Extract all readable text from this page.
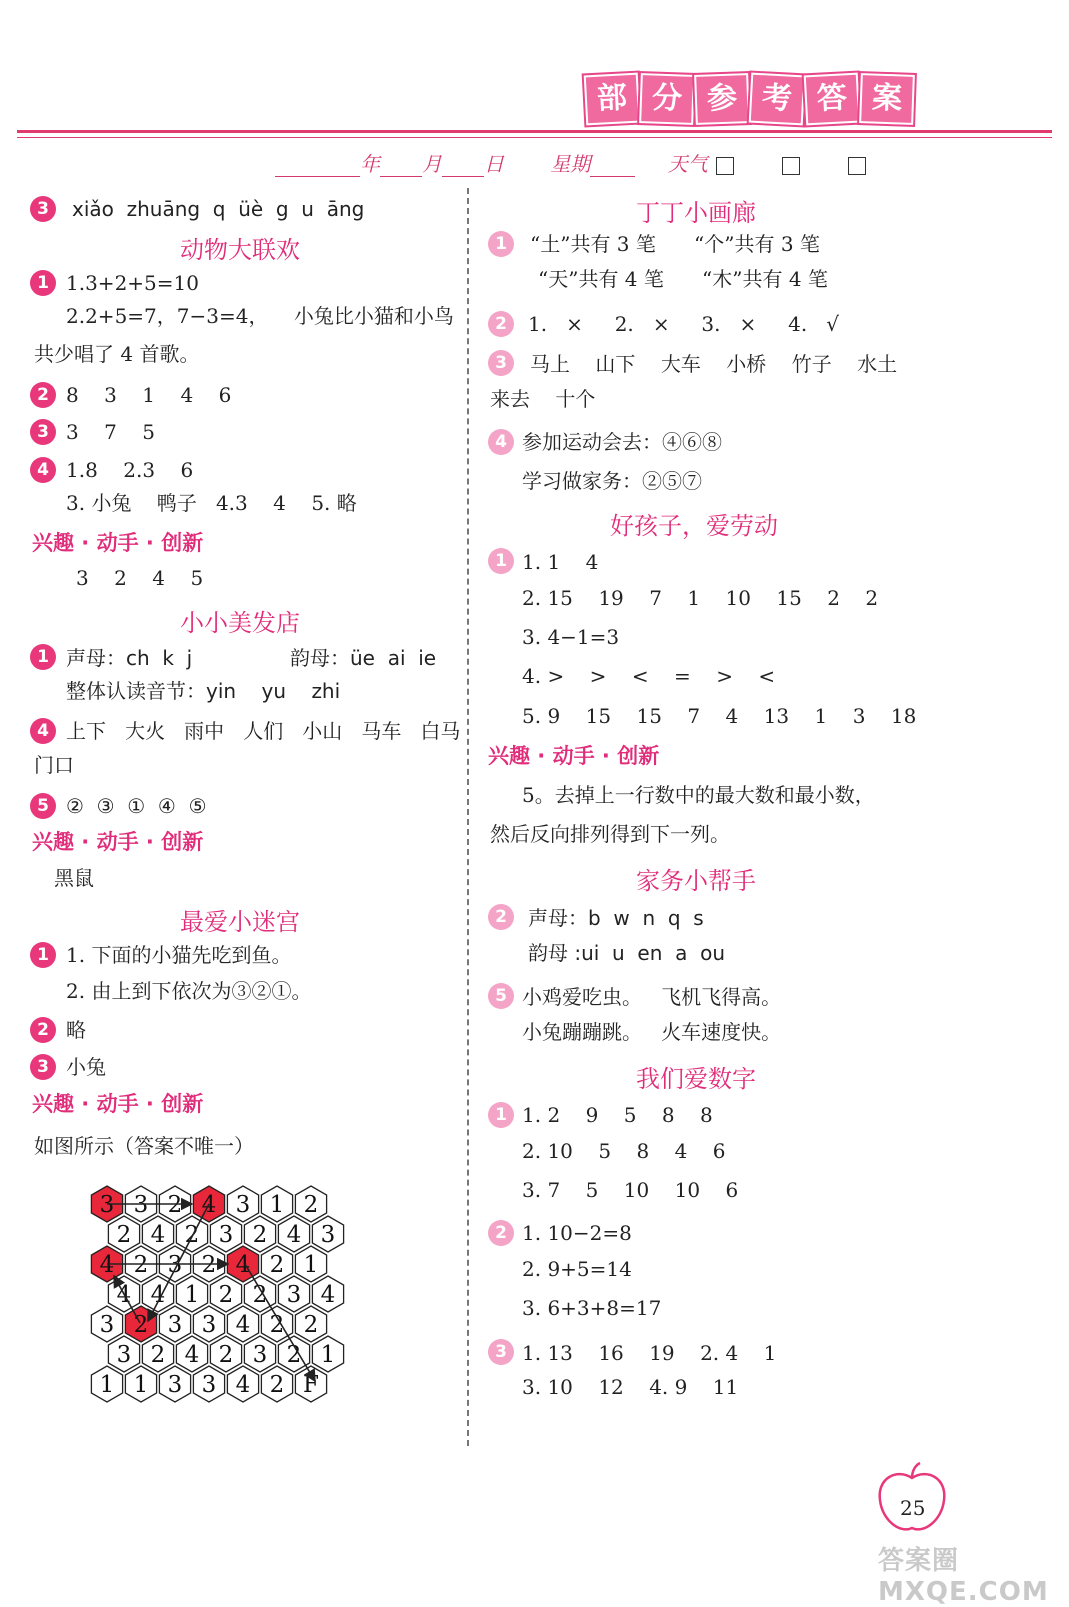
部 分 参 考 答 案
年 月 日 星期	天气
3	xiǎo  zhuāng  q  üè  g  u  āng
动物大联欢
1 1.3+2+5=10
2.2+5=7，7−3=4，    小兔比小猫和小鸟
共少唱了 4 首歌。
2 8    3    1    4    6
3 3    7    5
4 1.8    2.3    6
3. 小兔    鸭子   4.3    4    5. 略
兴趣 · 动手 · 创新
3    2    4    5
小小美发店
1 声母：ch  k  j	韵母：üe  ai  ie
整体认读音节：yin    yu    zhi
4 上下   大火   雨中   人们   小山   马车   白马
门口
5 ②  ③  ①  ④  ⑤
兴趣 · 动手 · 创新
黑鼠
最爱小迷宫
1 1. 下面的小猫先吃到鱼。
2. 由上到下依次为③②①。
2 略
3 小兔
兴趣 · 动手 · 创新
如图所示（答案不唯一）
3 3 2 4 3 1 2
2 4 2 3 2 4 3
4 2 3 2 4 2 1
4 4 1 2 2 3 4
3 2 3 3 4 2 2
3 2 4 2 3 2 1
1 1 3 3 4 2 F
丁丁小画廊
1	“土”共有 3 笔      “个”共有 3 笔
“天”共有 4 笔      “木”共有 4 笔
2	1.   ×     2.   ×     3.   ×     4.   √
3	马上    山下    大车    小桥    竹子    水土
来去    十个
4 参加运动会去：④⑥⑧
学习做家务：②⑤⑦
好孩子，爱劳动
1 1. 1    4
2. 15    19    7    1    10    15    2    2
3. 4−1=3
4. >    >    <    =    >    <
5. 9    15    15    7    4    13    1    3    18
兴趣 · 动手 · 创新
5。去掉上一行数中的最大数和最小数，
然后反向排列得到下一列。
家务小帮手
2	声母：b  w  n  q  s
韵母 :ui  u  en  a  ou
5 小鸡爱吃虫。   飞机飞得高。
小兔蹦蹦跳。   火车速度快。
我们爱数字
1 1. 2    9    5    8    8
2. 10    5    8    4    6
3. 7    5    10    10    6
2 1. 10−2=8
2. 9+5=14
3. 6+3+8=17
3 1. 13    16    19    2. 4    1
3. 10    12    4. 9    11
25
答案圈 MXQE.COM
